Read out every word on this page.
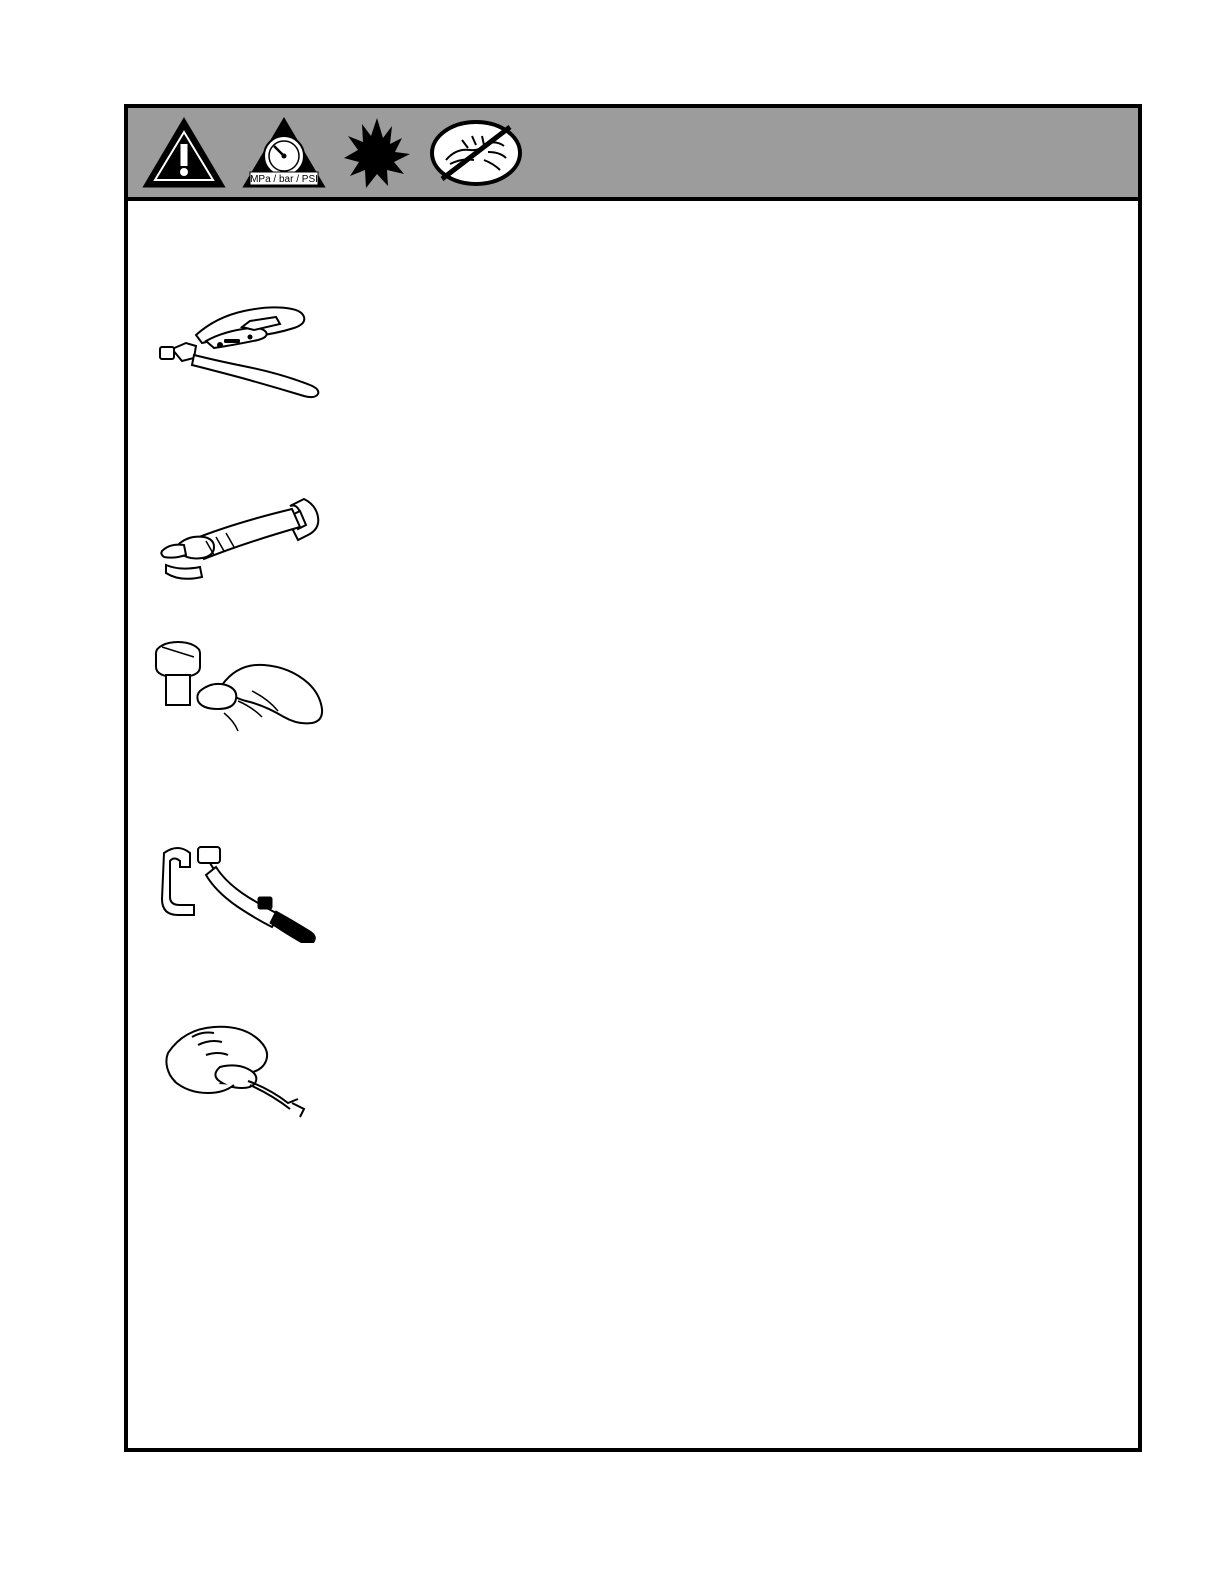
MPa / bar / PSI
